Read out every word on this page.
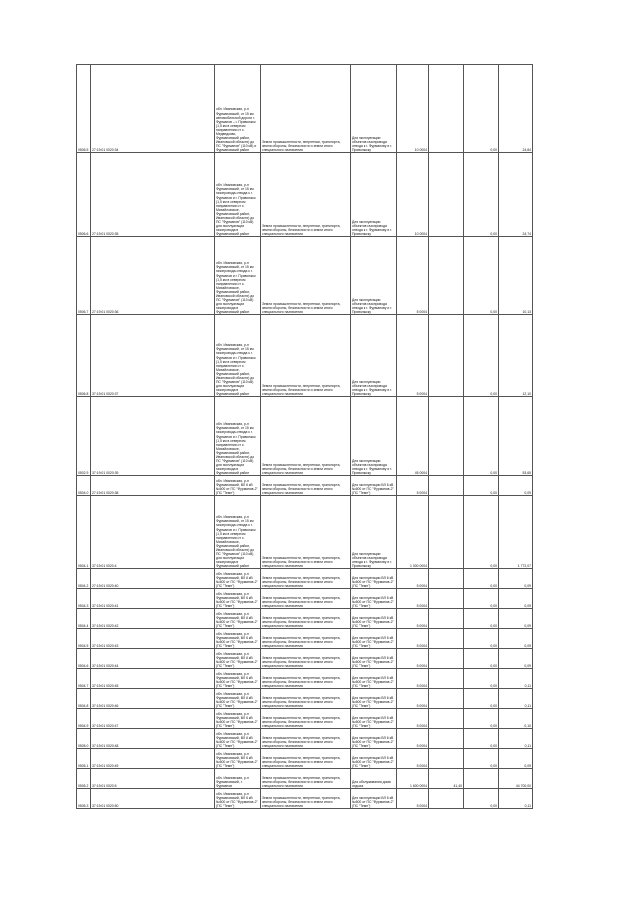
0506.5	27:19:01 0020:34	обл. Ивановская, р-н Фурмановский, от 15 км автомобильной дороги г. Фурманов – г. Приволжск (1,5 км в северном направлении от с. Медведково, Фурмановский район, Ивановской области) до ПС "Фурманов" (110 кВ) и Фурмановский район	Земли промышленности, энергетики, транспорта, земли обороны, безопасности и земли иного специального назначения	Для эксплуатации объектов газопровода отвода к г. Фурманову и г. Приволжску	10 0004		0,00	24,84
0506.6	27:19:01 0020:35	обл. Ивановская, р-н Фурмановский, от 15 км газопровода-отвода к г. Фурманов и г. Приволжск (1,5 км в северном направлении от с. Михайловское, Фурмановский район, Ивановской области) до ПС "Фурманов" (110 кВ) для эксплуатации газопровода в Фурмановский район	Земли промышленности, энергетики, транспорта, земли обороны, безопасности и земли иного специального назначения	Для эксплуатации объектов газопровода отвода к г. Фурманову и г. Приволжску	10 0004		0,00	24,74
0506.7	27:19:01 0020:36	обл. Ивановская, р-н Фурмановский, от 15 км газопровода-отвода к г. Фурманов и г. Приволжск (1,5 км в северном направлении от с. Михайловское, Фурмановский район, Ивановской области) до ПС "Фурманов" (110 кВ) для эксплуатации газопровода в Фурмановский район	Земли промышленности, энергетики, транспорта, земли обороны, безопасности и земли иного специального назначения	Для эксплуатации объектов газопровода отвода к г. Фурманову и г. Приволжску	5 0004		0,00	10,13
0506.8	37:19:01 0020:37	обл. Ивановская, р-н Фурмановский, от 15 км газопровода-отвода к г. Фурманов и г. Приволжск (1,5 км в северном направлении от с. Михайловское, Фурмановский район, Ивановской области) до ПС "Фурманов" (110 кВ) для эксплуатации газопровода в Фурмановский район	Земли промышленности, энергетики, транспорта, земли обороны, безопасности и земли иного специального назначения	Для эксплуатации объектов газопровода отвода к г. Фурманову и г. Приволжску	5 0004		0,00	12,10
0502.9	37:19:01 0020:39	обл. Ивановская, р-н Фурмановский, от 15 км газопровода-отвода к г. Фурманов и г. Приволжск (1,5 км в северном направлении от с. Михайловское, Фурмановский район, Ивановской области) до ПС "Фурманов" (110 кВ) для эксплуатации газопровода в Фурмановский район	Земли промышленности, энергетики, транспорта, земли обороны, безопасности и земли иного специального назначения	Для эксплуатации объектов газопровода отвода к г. Фурманову и г. Приволжску	45 0004		0,00	53,65
0504.0	27:19:01 0020:38	обл. Ивановская, р-н Фурмановский, ВЛ 6 кВ №600 от ПС "Фурманов-2" (ПС "Темп")	Земли промышленности, энергетики, транспорта, земли обороны, безопасности и земли иного специального назначения	Для эксплуатации ВЛ 6 кВ №600 от ПС "Фурманов-2" (ПС "Темп")	5 0004		0,00	0,09
0504.1	37:19:01 0020:4	обл. Ивановская, р-н Фурмановский, от 15 км газопровода-отвода к г. Фурманов и г. Приволжск (1,5 км в северном направлении от с. Михайловское, Фурмановский район, Ивановской области) до ПС "Фурманов" (110 кВ) для эксплуатации газопровода в Фурмановский район	Земли промышленности, энергетики, транспорта, земли обороны, безопасности и земли иного специального назначения	Для эксплуатации объектов газопровода отвода к г. Фурманову и г. Приволжску	1 000 0004		0,00	1 772,07
0504.2	27:19:01 0020:40	обл. Ивановская, р-н Фурмановский, ВЛ 6 кВ №600 от ПС "Фурманов-2" (ПС "Темп")	Земли промышленности, энергетики, транспорта, земли обороны, безопасности и земли иного специального назначения	Для эксплуатации ВЛ 6 кВ №600 от ПС "Фурманов-2" (ПС "Темп")	5 0004		0,00	0,09
0504.3	37:19:01 0020:41	обл. Ивановская, р-н Фурмановский, ВЛ 6 кВ №600 от ПС "Фурманов-2" (ПС "Темп")	Земли промышленности, энергетики, транспорта, земли обороны, безопасности и земли иного специального назначения	Для эксплуатации ВЛ 6 кВ №600 от ПС "Фурманов-2" (ПС "Темп")	5 0004		0,00	0,09
0504.4	37:19:01 0020:42	обл. Ивановская, р-н Фурмановский, ВЛ 6 кВ №600 от ПС "Фурманов-2" (ПС "Темп")	Земли промышленности, энергетики, транспорта, земли обороны, безопасности и земли иного специального назначения	Для эксплуатации ВЛ 6 кВ №600 от ПС "Фурманов-2" (ПС "Темп")	5 0004		0,00	0,09
0504.5	37:19:01 0020:43	обл. Ивановская, р-н Фурмановский, ВЛ 6 кВ №600 от ПС "Фурманов-2" (ПС "Темп")	Земли промышленности, энергетики, транспорта, земли обороны, безопасности и земли иного специального назначения	Для эксплуатации ВЛ 6 кВ №600 от ПС "Фурманов-2" (ПС "Темп")	5 0004		0,00	0,09
0504.6	37:19:01 0020:44	обл. Ивановская, р-н Фурмановский, ВЛ 6 кВ №600 от ПС "Фурманов-2" (ПС "Темп")	Земли промышленности, энергетики, транспорта, земли обороны, безопасности и земли иного специального назначения	Для эксплуатации ВЛ 6 кВ №600 от ПС "Фурманов-2" (ПС "Темп")	5 0004		0,00	0,09
0504.7	37:19:01 0020:45	обл. Ивановская, р-н Фурмановский, ВЛ 6 кВ №600 от ПС "Фурманов-2" (ПС "Темп")	Земли промышленности, энергетики, транспорта, земли обороны, безопасности и земли иного специального назначения	Для эксплуатации ВЛ 6 кВ №600 от ПС "Фурманов-2" (ПС "Темп")	5 0004		0,00	0,11
0504.8	37:19:01 0020:46	обл. Ивановская, р-н Фурмановский, ВЛ 6 кВ №600 от ПС "Фурманов-2" (ПС "Темп")	Земли промышленности, энергетики, транспорта, земли обороны, безопасности и земли иного специального назначения	Для эксплуатации ВЛ 6 кВ №600 от ПС "Фурманов-2" (ПС "Темп")	5 0004		0,00	0,11
0504.9	37:19:01 0020:47	обл. Ивановская, р-н Фурмановский, ВЛ 6 кВ №600 от ПС "Фурманов-2" (ПС "Темп")	Земли промышленности, энергетики, транспорта, земли обороны, безопасности и земли иного специального назначения	Для эксплуатации ВЛ 6 кВ №600 от ПС "Фурманов-2" (ПС "Темп")	5 0004		0,00	0,10
0505.0	37:19:01 0020:48	обл. Ивановская, р-н Фурмановский, ВЛ 6 кВ №600 от ПС "Фурманов-2" (ПС "Темп")	Земли промышленности, энергетики, транспорта, земли обороны, безопасности и земли иного специального назначения	Для эксплуатации ВЛ 6 кВ №600 от ПС "Фурманов-2" (ПС "Темп")	5 0004		0,00	0,11
0505.1	37:19:01 0020:49	обл. Ивановская, р-н Фурмановский, ВЛ 6 кВ №600 от ПС "Фурманов-2" (ПС "Темп")	Земли промышленности, энергетики, транспорта, земли обороны, безопасности и земли иного специального назначения	Для эксплуатации ВЛ 6 кВ №600 от ПС "Фурманов-2" (ПС "Темп")	5 0004		0,00	0,09
0505.2	37:19:01 0020:5	обл. Ивановская, р-н Фурмановский, г. Фурманов	Земли промышленности, энергетики, транспорта, земли обороны, безопасности и земли иного специального назначения	Для обслуживания дома отдыха	1 600 0004	41,40		44 700,00
0505.3	37:19:01 0020:50	обл. Ивановская, р-н Фурмановский, ВЛ 6 кВ №600 от ПС "Фурманов-2" (ПС "Темп")	Земли промышленности, энергетики, транспорта, земли обороны, безопасности и земли иного специального назначения	Для эксплуатации ВЛ 6 кВ №600 от ПС "Фурманов-2" (ПС "Темп")	5 0004		0,00	0,11
